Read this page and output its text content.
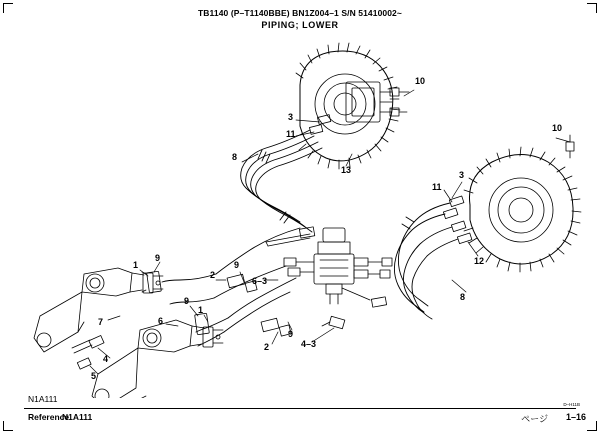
TB1140 (P–T1140BBE) BN1Z004–1 S/N 51410002~
PIPING; LOWER
10
3
11
10
8
13	3
11
12
9
1
2
9
6–3
8
9
1
6
7
9
2
4
4–3
5
N1A111
Reference
N1A111
D–H11B
ページ 1–16
